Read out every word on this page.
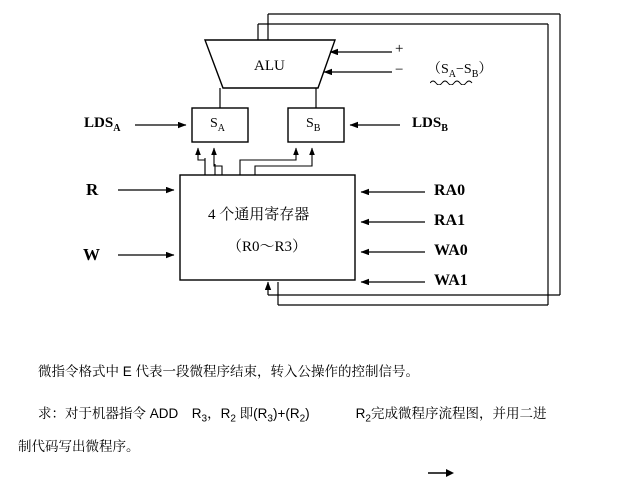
ALU
$S_A$	$S_B$
4 个通用寄存器
（R0～R3）
$LDS_A$	$LDS_B$
R
W
RA0
RA1
WA0
WA1
+
− $(S_A-S_B)$
微指令格式中 E 代表一段微程序结束，转入公操作的控制信号。
求：对于机器指令 ADD　$R_3$，$R_2$ 即$(R_3)+(R_2)$	$R_2$完成微程序流程图，并用二进
制代码写出微程序。
